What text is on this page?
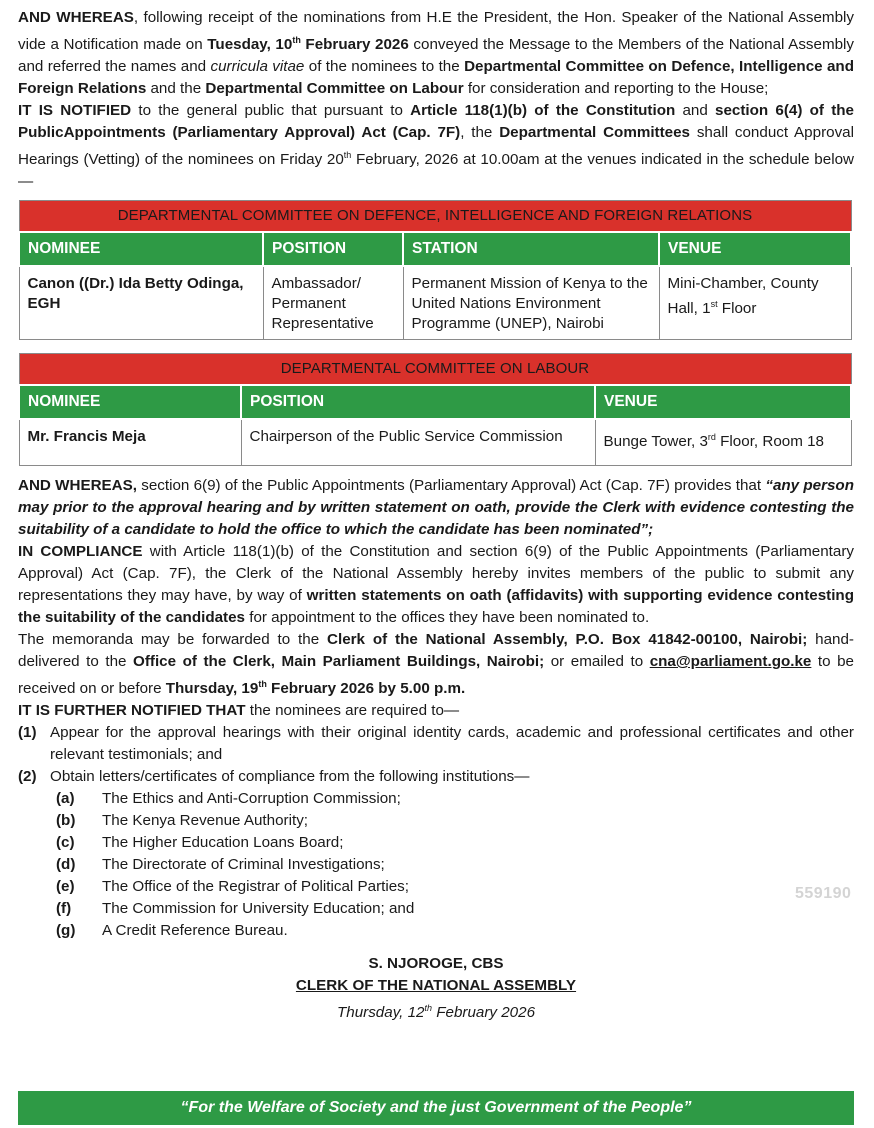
AND WHEREAS, following receipt of the nominations from H.E the President, the Hon. Speaker of the National Assembly vide a Notification made on Tuesday, 10th February 2026 conveyed the Message to the Members of the National Assembly and referred the names and curricula vitae of the nominees to the Departmental Committee on Defence, Intelligence and Foreign Relations and the Departmental Committee on Labour for consideration and reporting to the House;

IT IS NOTIFIED to the general public that pursuant to Article 118(1)(b) of the Constitution and section 6(4) of the PublicAppointments (Parliamentary Approval) Act (Cap. 7F), the Departmental Committees shall conduct Approval Hearings (Vetting) of the nominees on Friday 20th February, 2026 at 10.00am at the venues indicated in the schedule below—

DEPARTMENTAL COMMITTEE ON DEFENCE, INTELLIGENCE AND FOREIGN RELATIONS			
NOMINEE	POSITION	STATION	VENUE
Canon ((Dr.) Ida Betty Odinga, EGH	Ambassador/ Permanent Representative	Permanent Mission of Kenya to the United Nations Environment Programme (UNEP), Nairobi	Mini-Chamber, County Hall, 1st Floor
DEPARTMENTAL COMMITTEE ON LABOUR		
NOMINEE	POSITION	VENUE
Mr. Francis Meja	Chairperson of the Public Service Commission	Bunge Tower, 3rd Floor, Room 18

AND WHEREAS, section 6(9) of the Public Appointments (Parliamentary Approval) Act (Cap. 7F) provides that “any person may prior to the approval hearing and by written statement on oath, provide the Clerk with evidence contesting the suitability of a candidate to hold the office to which the candidate has been nominated”;

IN COMPLIANCE with Article 118(1)(b) of the Constitution and section 6(9) of the Public Appointments (Parliamentary Approval) Act (Cap. 7F), the Clerk of the National Assembly hereby invites members of the public to submit any representations they may have, by way of written statements on oath (affidavits) with supporting evidence contesting the suitability of the candidates for appointment to the offices they have been nominated to.

The memoranda may be forwarded to the Clerk of the National Assembly, P.O. Box 41842-00100, Nairobi; hand-delivered to the Office of the Clerk, Main Parliament Buildings, Nairobi; or emailed to cna@parliament.go.ke to be received on or before Thursday, 19th February 2026 by 5.00 p.m.

IT IS FURTHER NOTIFIED THAT the nominees are required to—

(1) Appear for the approval hearings with their original identity cards, academic and professional certificates and other relevant testimonials; and
(2) Obtain letters/certificates of compliance from the following institutions—
(a)	The Ethics and Anti-Corruption Commission;
(b)	The Kenya Revenue Authority;
(c)	The Higher Education Loans Board;
(d)	The Directorate of Criminal Investigations;
(e)	The Office of the Registrar of Political Parties;
(f)	The Commission for University Education; and
(g)	A Credit Reference Bureau.
S. NJOROGE, CBS
CLERK OF THE NATIONAL ASSEMBLY
Thursday, 12th February 2026
559190
“For the Welfare of Society and the just Government of the People”
